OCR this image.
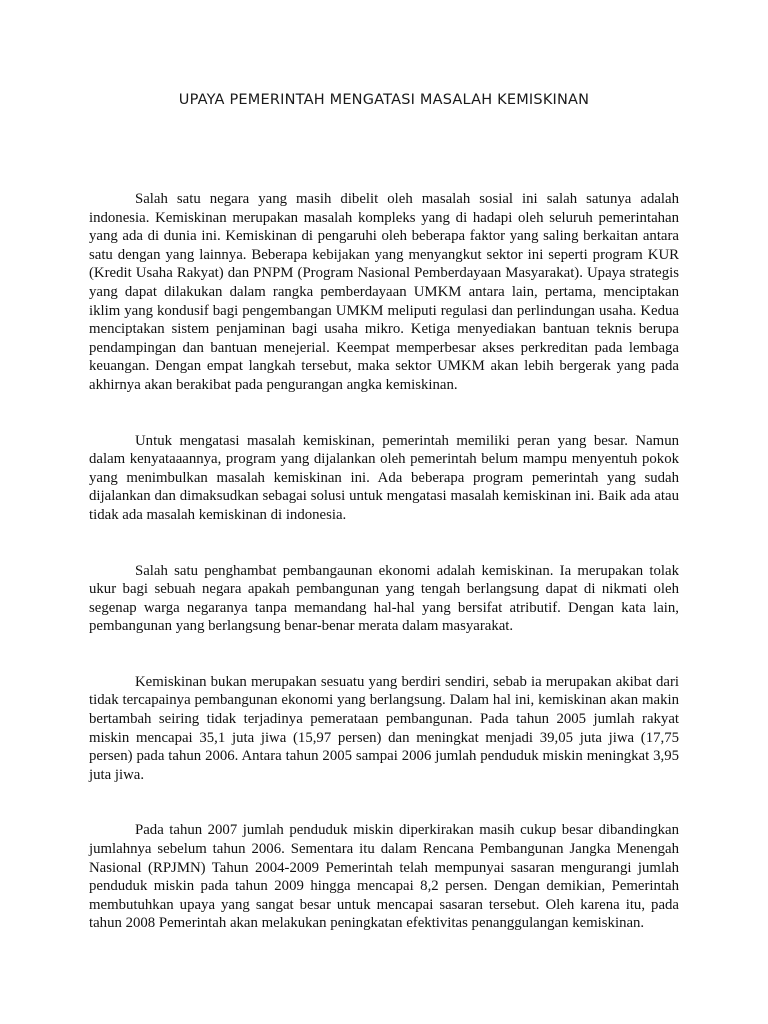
UPAYA PEMERINTAH MENGATASI MASALAH KEMISKINAN

Salah satu negara yang masih dibelit oleh masalah sosial ini salah satunya adalah indonesia. Kemiskinan merupakan masalah kompleks yang di hadapi oleh seluruh pemerintahan yang ada di dunia ini. Kemiskinan di pengaruhi oleh beberapa faktor yang saling berkaitan antara satu dengan yang lainnya. Beberapa kebijakan yang menyangkut sektor ini seperti program KUR (Kredit Usaha Rakyat) dan PNPM (Program Nasional Pemberdayaan Masyarakat). Upaya strategis yang dapat dilakukan dalam rangka pemberdayaan UMKM antara lain, pertama, menciptakan iklim yang kondusif bagi pengembangan UMKM meliputi regulasi dan perlindungan usaha. Kedua menciptakan sistem penjaminan bagi usaha mikro. Ketiga menyediakan bantuan teknis berupa pendampingan dan bantuan menejerial. Keempat memperbesar akses perkreditan pada lembaga keuangan. Dengan empat langkah tersebut, maka sektor UMKM akan lebih bergerak yang pada akhirnya akan berakibat pada pengurangan angka kemiskinan.

Untuk mengatasi masalah kemiskinan, pemerintah memiliki peran yang besar. Namun dalam kenyataaannya, program yang dijalankan oleh pemerintah belum mampu menyentuh pokok yang menimbulkan masalah kemiskinan ini. Ada beberapa program pemerintah yang sudah dijalankan dan dimaksudkan sebagai solusi untuk mengatasi masalah kemiskinan ini. Baik ada atau tidak ada masalah kemiskinan di indonesia.

Salah satu penghambat pembangaunan ekonomi adalah kemiskinan. Ia merupakan tolak ukur bagi sebuah negara apakah pembangunan yang tengah berlangsung dapat di nikmati oleh segenap warga negaranya tanpa memandang hal-hal yang bersifat atributif. Dengan kata lain, pembangunan yang berlangsung benar-benar merata dalam masyarakat.

Kemiskinan bukan merupakan sesuatu yang berdiri sendiri, sebab ia merupakan akibat dari tidak tercapainya pembangunan ekonomi yang berlangsung. Dalam hal ini, kemiskinan akan makin bertambah seiring tidak terjadinya pemerataan pembangunan. Pada tahun 2005 jumlah rakyat miskin mencapai 35,1 juta jiwa (15,97 persen) dan meningkat menjadi 39,05 juta jiwa (17,75 persen) pada tahun 2006. Antara tahun 2005 sampai 2006 jumlah penduduk miskin meningkat 3,95 juta jiwa.

Pada tahun 2007 jumlah penduduk miskin diperkirakan masih cukup besar dibandingkan jumlahnya sebelum tahun 2006. Sementara itu dalam Rencana Pembangunan Jangka Menengah Nasional (RPJMN) Tahun 2004-2009 Pemerintah telah mempunyai sasaran mengurangi jumlah penduduk miskin pada tahun 2009 hingga mencapai 8,2 persen. Dengan demikian, Pemerintah membutuhkan upaya yang sangat besar untuk mencapai sasaran tersebut. Oleh karena itu, pada tahun 2008 Pemerintah akan melakukan peningkatan efektivitas penanggulangan kemiskinan.
